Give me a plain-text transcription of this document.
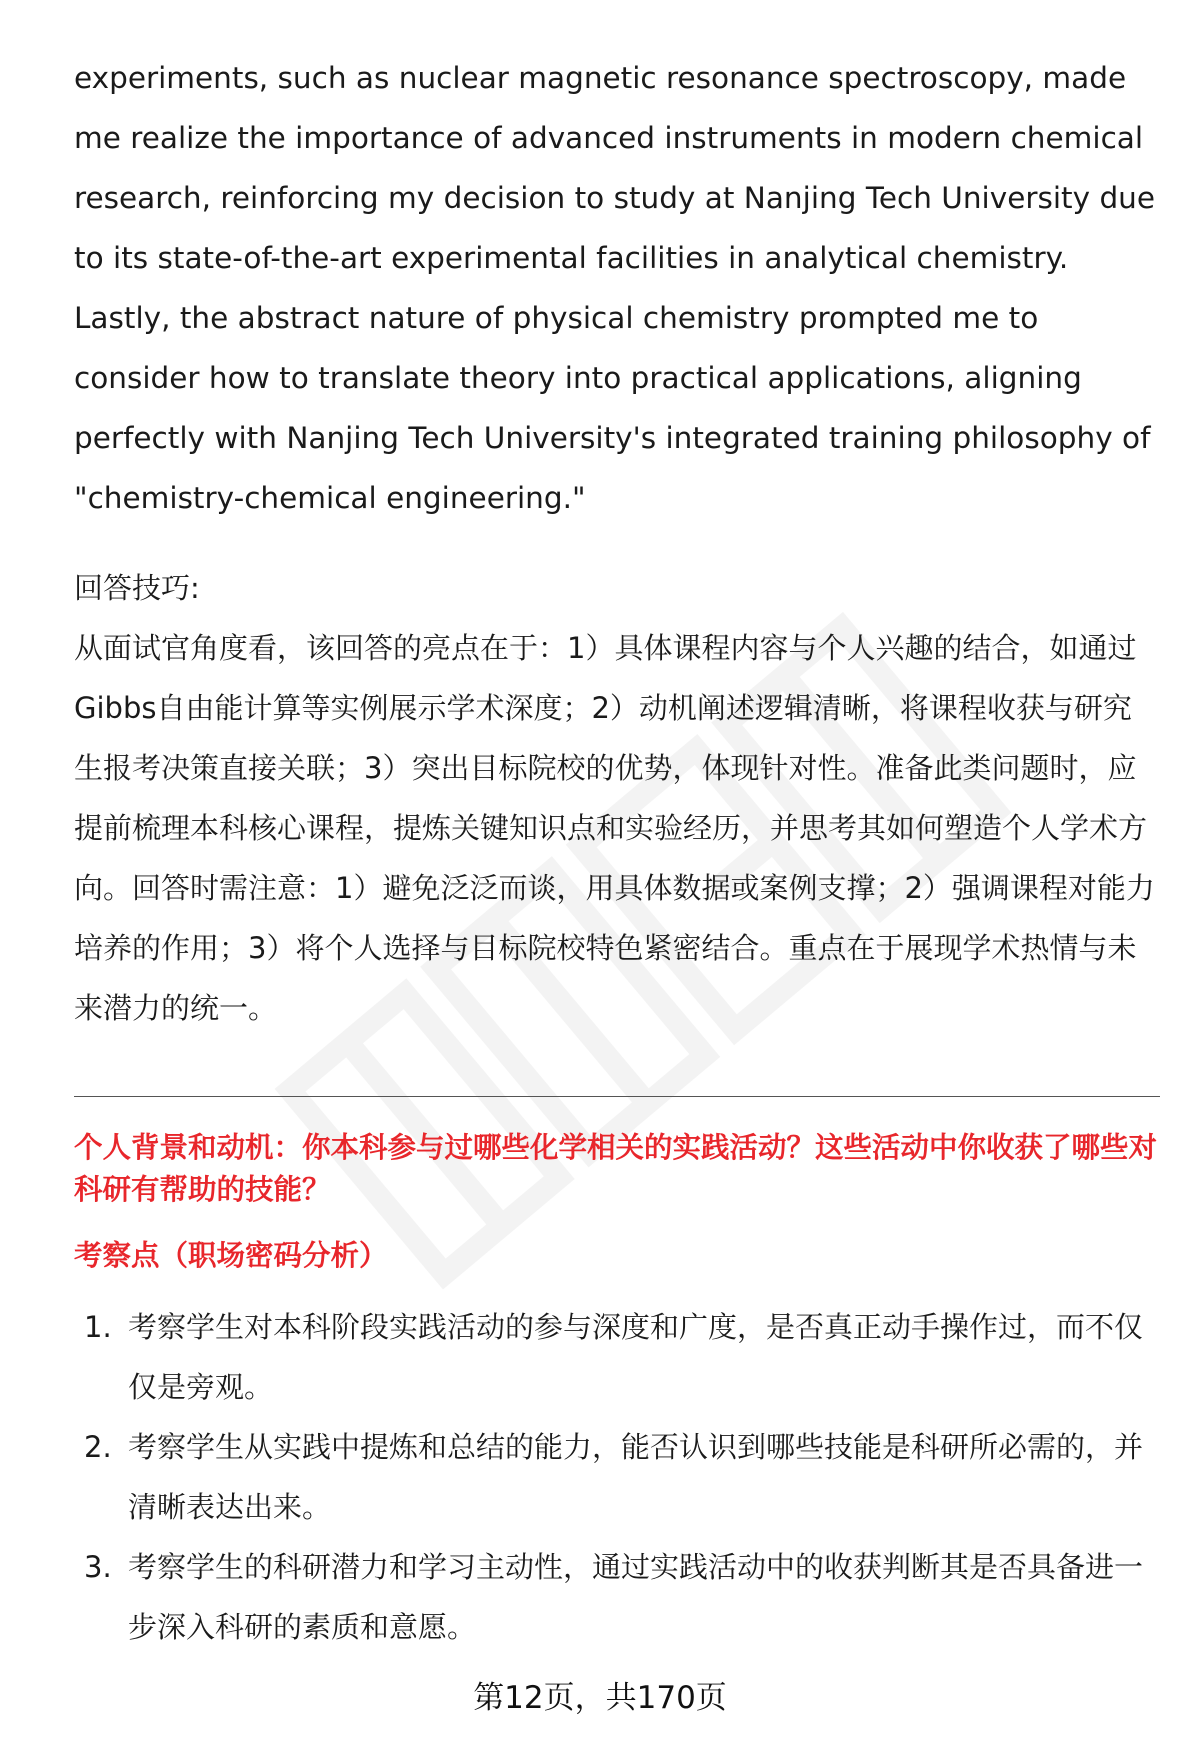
experiments, such as nuclear magnetic resonance spectroscopy, made me realize the importance of advanced instruments in modern chemical research, reinforcing my decision to study at Nanjing Tech University due to its state-of-the-art experimental facilities in analytical chemistry. Lastly, the abstract nature of physical chemistry prompted me to consider how to translate theory into practical applications, aligning perfectly with Nanjing Tech University's integrated training philosophy of "chemistry-chemical engineering."

回答技巧:

从面试官角度看，该回答的亮点在于：1）具体课程内容与个人兴趣的结合，如通过Gibbs自由能计算等实例展示学术深度；2）动机阐述逻辑清晰，将课程收获与研究生报考决策直接关联；3）突出目标院校的优势，体现针对性。准备此类问题时，应提前梳理本科核心课程，提炼关键知识点和实验经历，并思考其如何塑造个人学术方向。回答时需注意：1）避免泛泛而谈，用具体数据或案例支撑；2）强调课程对能力培养的作用；3）将个人选择与目标院校特色紧密结合。重点在于展现学术热情与未来潜力的统一。

个人背景和动机：你本科参与过哪些化学相关的实践活动？这些活动中你收获了哪些对科研有帮助的技能？
考察点（职场密码分析）
1. 考察学生对本科阶段实践活动的参与深度和广度，是否真正动手操作过，而不仅仅是旁观。
2. 考察学生从实践中提炼和总结的能力，能否认识到哪些技能是科研所必需的，并清晰表达出来。
3. 考察学生的科研潜力和学习主动性，通过实践活动中的收获判断其是否具备进一步深入科研的素质和意愿。
第12页，共170页
